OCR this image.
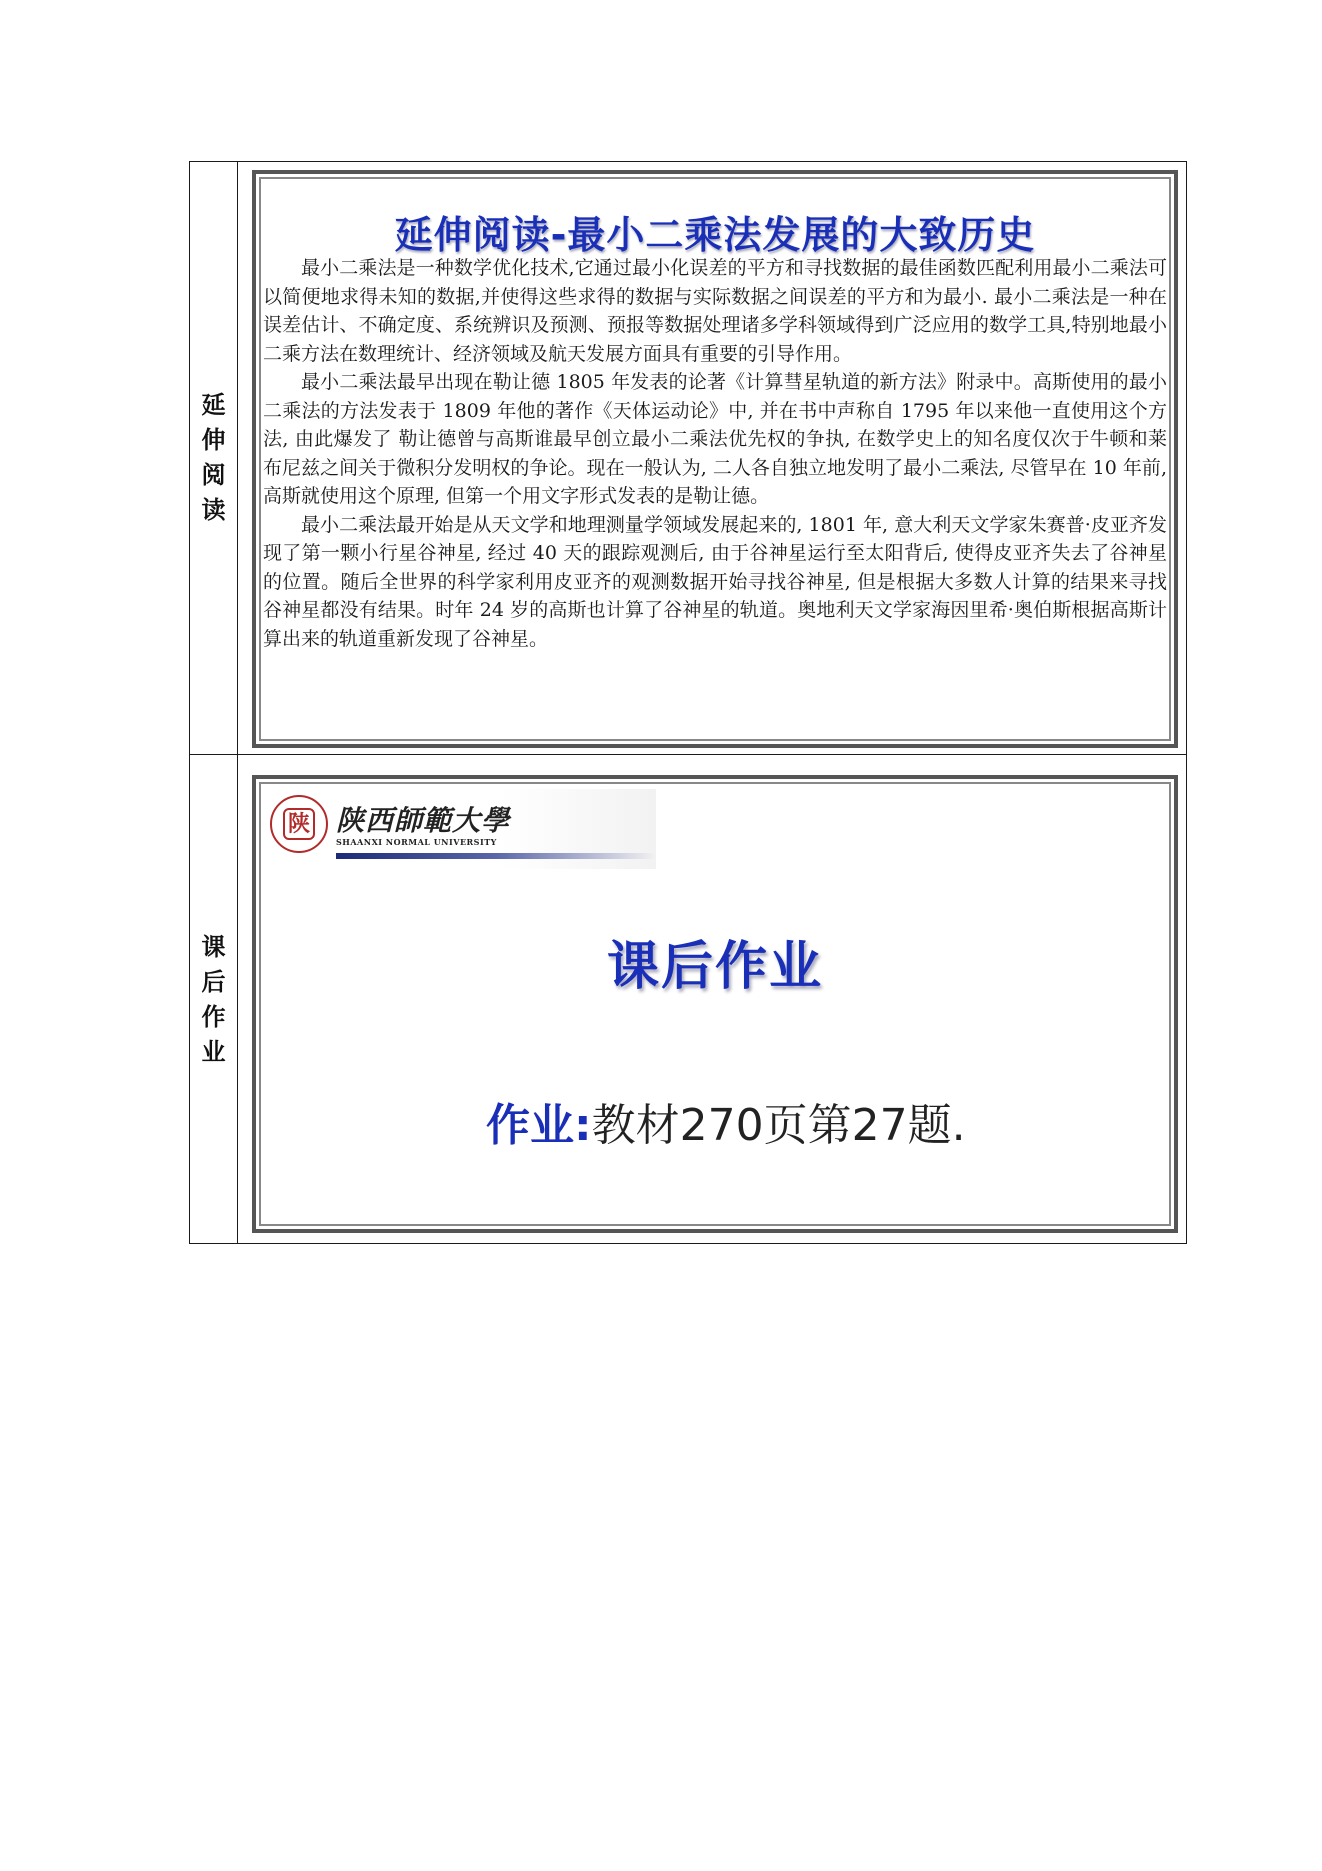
延
伸
阅
读
延伸阅读-最小二乘法发展的大致历史

最小二乘法是一种数学优化技术,它通过最小化误差的平方和寻找数据的最佳函数匹配利用最小二乘法可以简便地求得未知的数据,并使得这些求得的数据与实际数据之间误差的平方和为最小. 最小二乘法是一种在误差估计、不确定度、系统辨识及预测、预报等数据处理诸多学科领域得到广泛应用的数学工具,特别地最小二乘方法在数理统计、经济领域及航天发展方面具有重要的引导作用。

最小二乘法最早出现在勒让德 1805 年发表的论著《计算彗星轨道的新方法》附录中。高斯使用的最小二乘法的方法发表于 1809 年他的著作《天体运动论》中, 并在书中声称自 1795 年以来他一直使用这个方法, 由此爆发了 勒让德曾与高斯谁最早创立最小二乘法优先权的争执, 在数学史上的知名度仅次于牛顿和莱布尼兹之间关于微积分发明权的争论。现在一般认为, 二人各自独立地发明了最小二乘法, 尽管早在 10 年前, 高斯就使用这个原理, 但第一个用文字形式发表的是勒让德。

最小二乘法最开始是从天文学和地理测量学领域发展起来的, 1801 年, 意大利天文学家朱赛普·皮亚齐发现了第一颗小行星谷神星, 经过 40 天的跟踪观测后, 由于谷神星运行至太阳背后, 使得皮亚齐失去了谷神星的位置。随后全世界的科学家利用皮亚齐的观测数据开始寻找谷神星, 但是根据大多数人计算的结果来寻找谷神星都没有结果。时年 24 岁的高斯也计算了谷神星的轨道。奥地利天文学家海因里希·奥伯斯根据高斯计算出来的轨道重新发现了谷神星。

课
后
作
业
陕 陕西師範大學
SHAANXI NORMAL UNIVERSITY
课后作业
作业:教材270页第27题.
